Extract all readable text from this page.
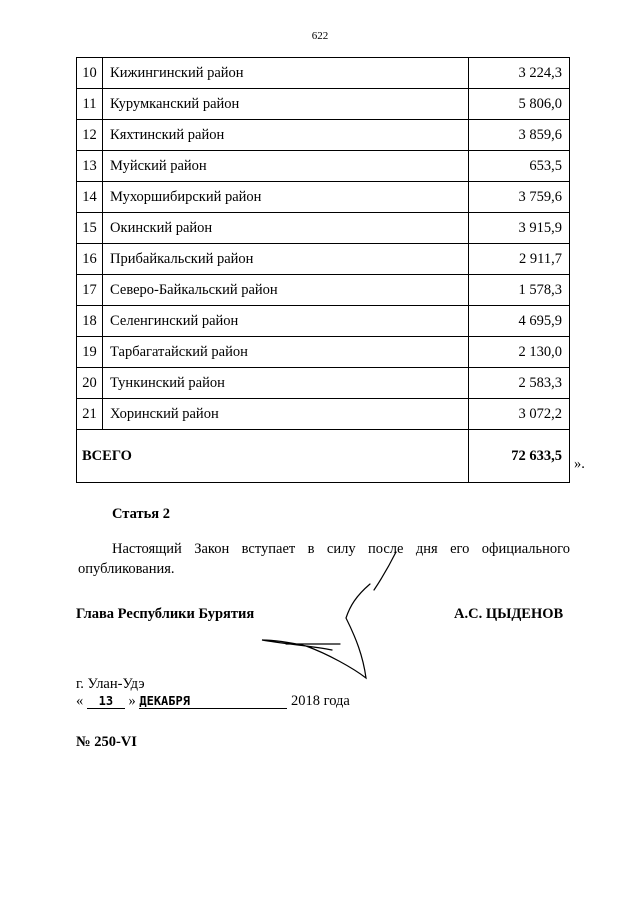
622
10	Кижингинский район	3 224,3
11	Курумканский район	5 806,0
12	Кяхтинский район	3 859,6
13	Муйский район	653,5
14	Мухоршибирский район	3 759,6
15	Окинский район	3 915,9
16	Прибайкальский район	2 911,7
17	Северо-Байкальский район	1 578,3
18	Селенгинский район	4 695,9
19	Тарбагатайский район	2 130,0
20	Тункинский район	2 583,3
21	Хоринский район	3 072,2
ВСЕГО		72 633,5
».
Статья 2
Настоящий Закон вступает в силу после дня его официального опубликования.
Глава Республики Бурятия	А.С. ЦЫДЕНОВ
г. Улан-Удэ
« 13 » ДЕКАБРЯ	2018 года
№ 250-VI
